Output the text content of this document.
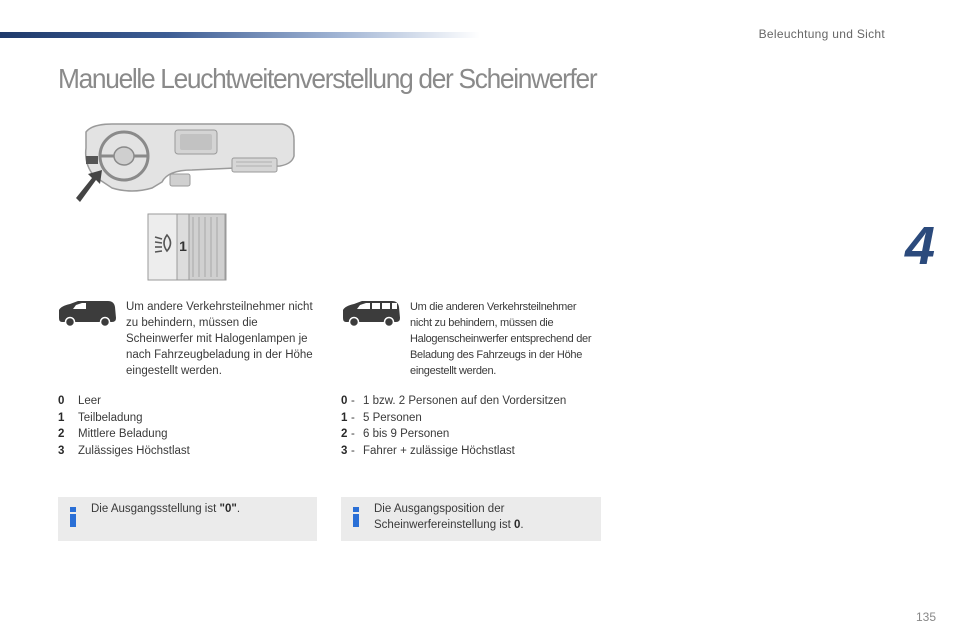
Beleuchtung und Sicht
Manuelle Leuchtweitenverstellung der Scheinwerfer
4
1
Um andere Verkehrsteilnehmer nicht zu behindern, müssen die Scheinwerfer mit Halogenlampen je nach Fahrzeugbeladung in der Höhe eingestellt werden.
Um die anderen Verkehrsteilnehmer nicht zu behindern, müssen die Halogenscheinwerfer entsprechend der Beladung des Fahrzeugs in der Höhe eingestellt werden.
0	Leer
1	Teilbeladung
2	Mittlere Beladung
3	Zulässiges Höchstlast
0 - 1 bzw. 2 Personen auf den Vordersitzen
1 - 5 Personen
2 - 6 bis 9 Personen
3 - Fahrer + zulässige Höchstlast
Die Ausgangsstellung ist "0".	Die Ausgangsposition der Scheinwerfereinstellung ist 0.
135
